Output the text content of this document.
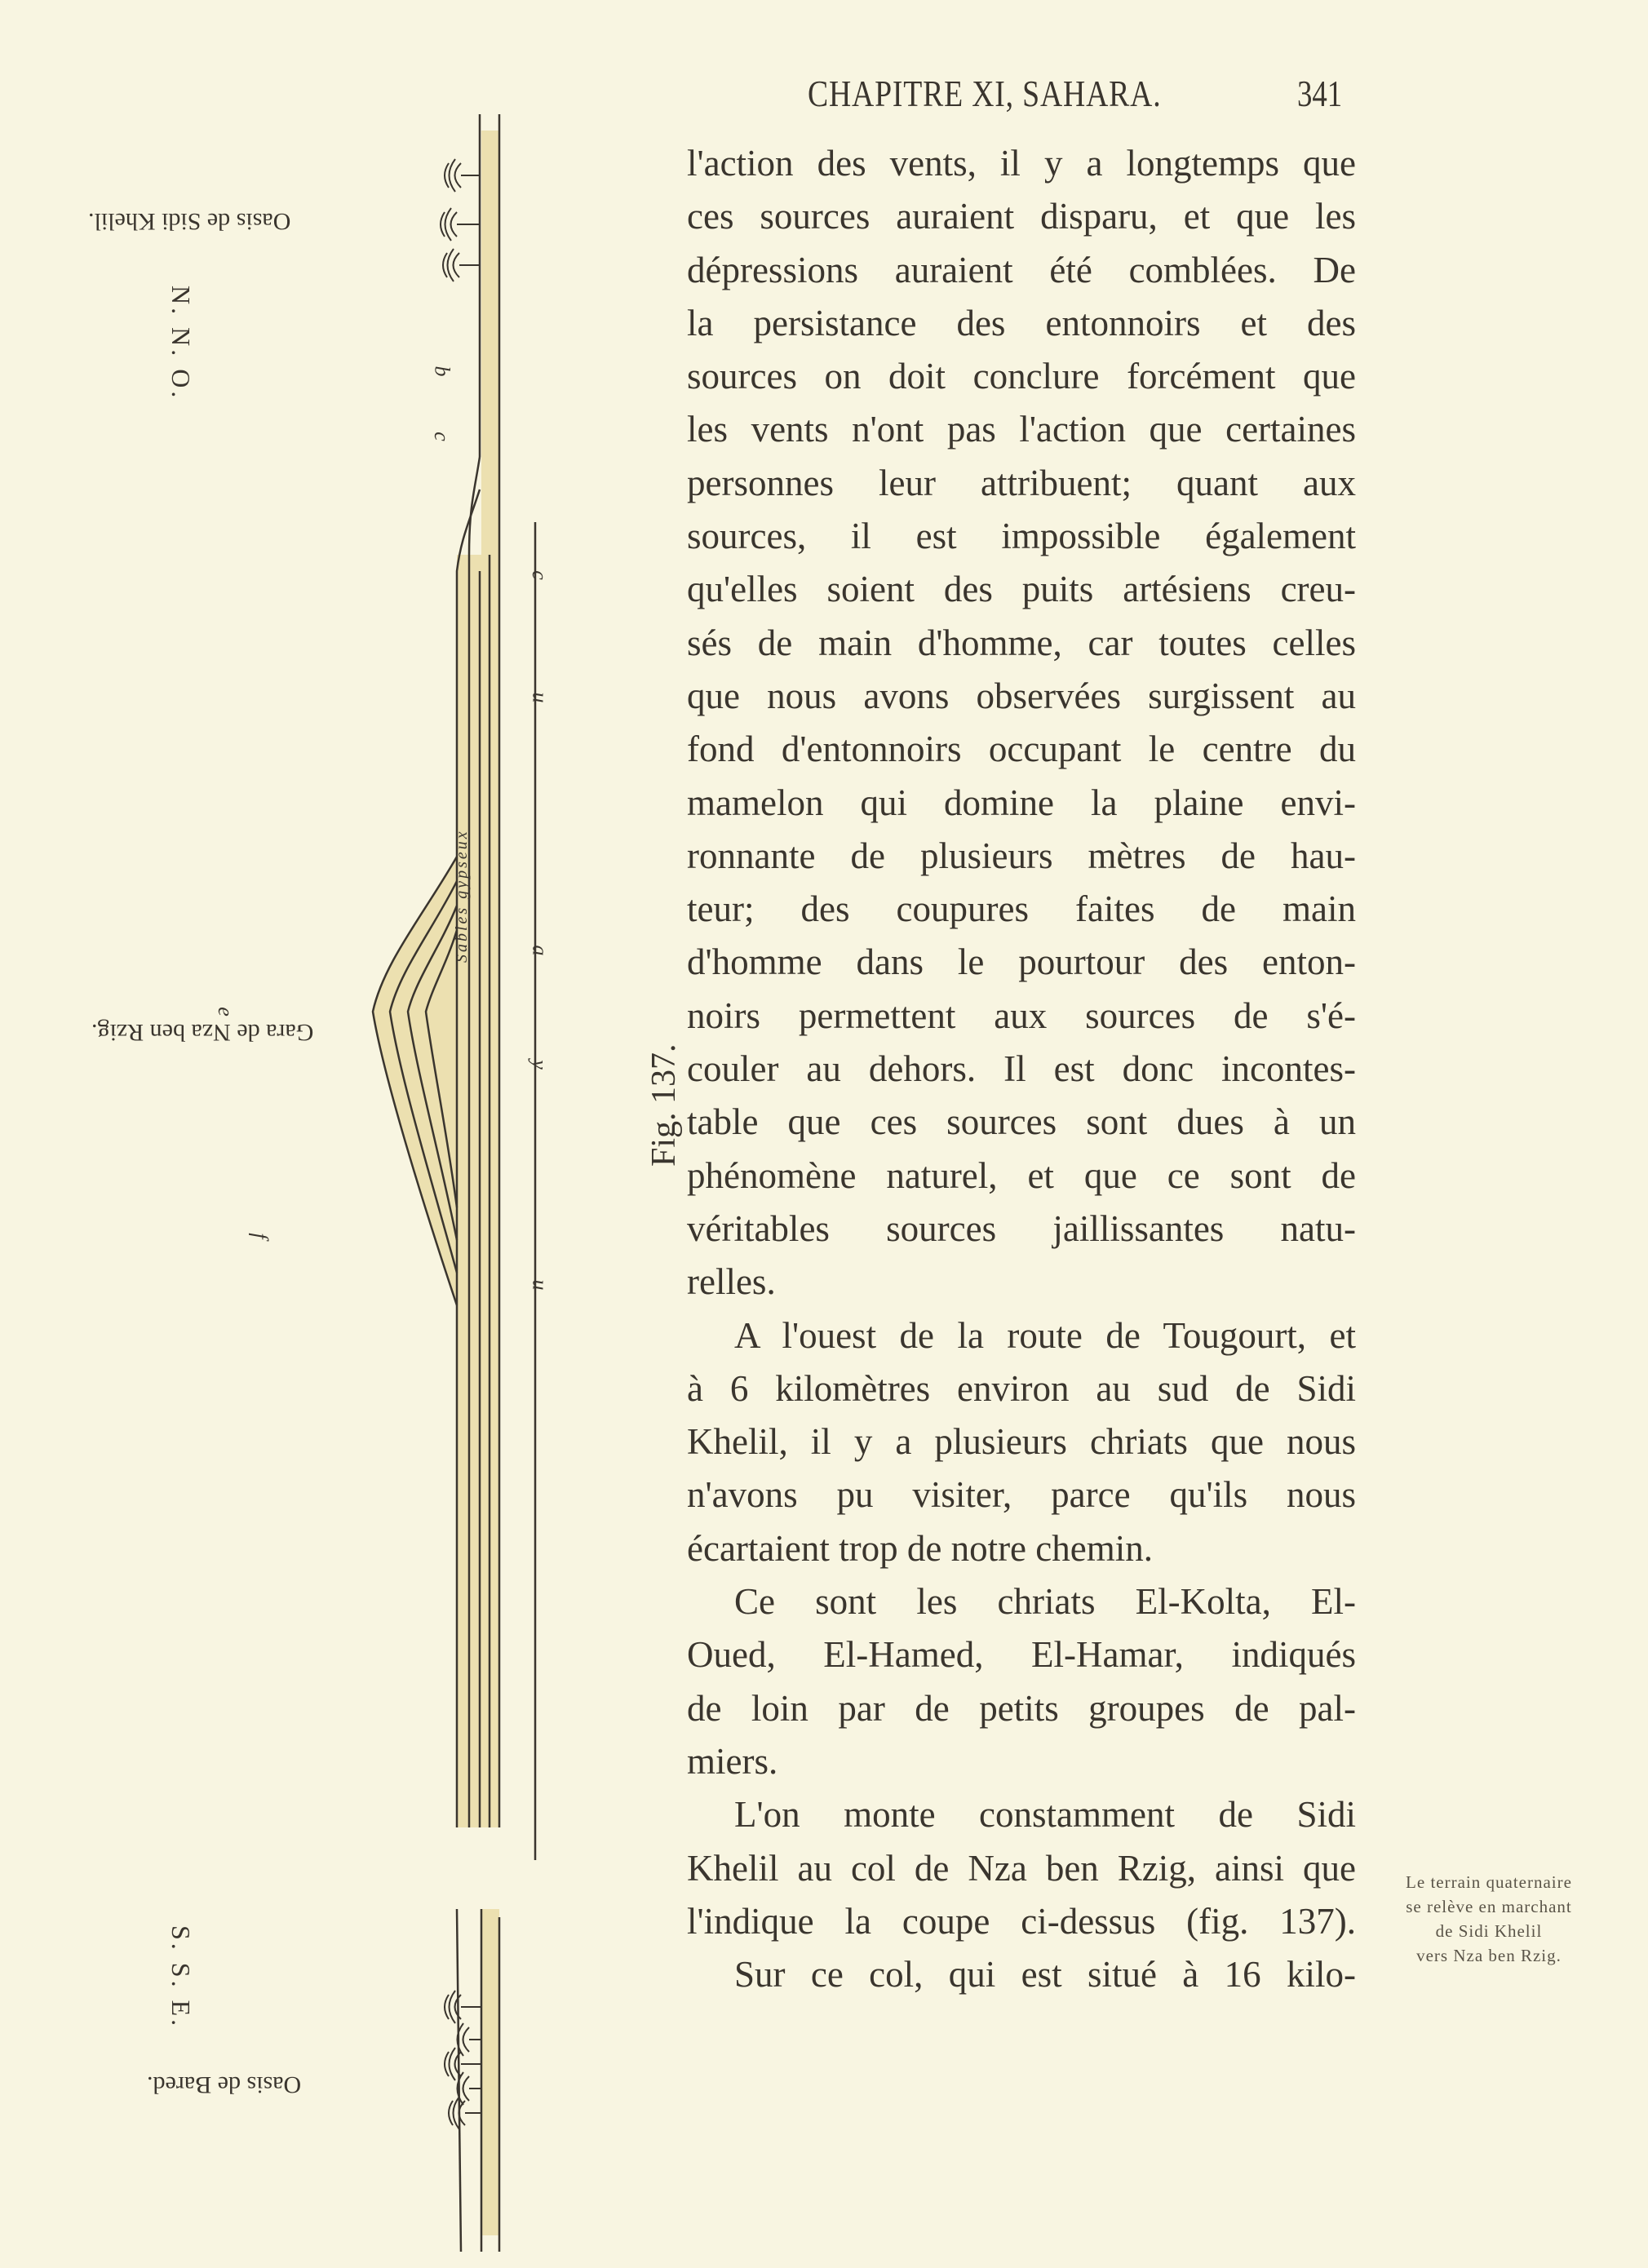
CHAPITRE XI, SAHARA.	341
l'action des vents, il y a longtemps que
ces sources auraient disparu, et que les
dépressions auraient été comblées. De
la persistance des entonnoirs et des
sources on doit conclure forcément que
les vents n'ont pas l'action que certaines
personnes leur attribuent; quant aux
sources, il est impossible également
qu'elles soient des puits artésiens creu-
sés de main d'homme, car toutes celles
que nous avons observées surgissent au
fond d'entonnoirs occupant le centre du
mamelon qui domine la plaine envi-
ronnante de plusieurs mètres de hau-
teur; des coupures faites de main
d'homme dans le pourtour des enton-
noirs permettent aux sources de s'é-
couler au dehors. Il est donc incontes-
table que ces sources sont dues à un
phénomène naturel, et que ce sont de
véritables sources jaillissantes natu-
relles.
A l'ouest de la route de Tougourt, et
à 6 kilomètres environ au sud de Sidi
Khelil, il y a plusieurs chriats que nous
n'avons pu visiter, parce qu'ils nous
écartaient trop de notre chemin.
Ce sont les chriats El-Kolta, El-
Oued, El-Hamed, El-Hamar, indiqués
de loin par de petits groupes de pal-
miers.
L'on monte constamment de Sidi
Khelil au col de Nza ben Rzig, ainsi que
l'indique la coupe ci-dessus (fig. 137).
Sur ce col, qui est situé à 16 kilo-
Le terrain quaternaire
se relève en marchant
de Sidi Khelil
vers Nza ben Rzig.
Oasis de Sidi Khelil.
N. N. O.
Gara de Nza ben Rzig.
S. S. E.
Oasis de Bared.
Sables gypseux
Fig. 137.
c
b
c
u
a
y
e
f
u
